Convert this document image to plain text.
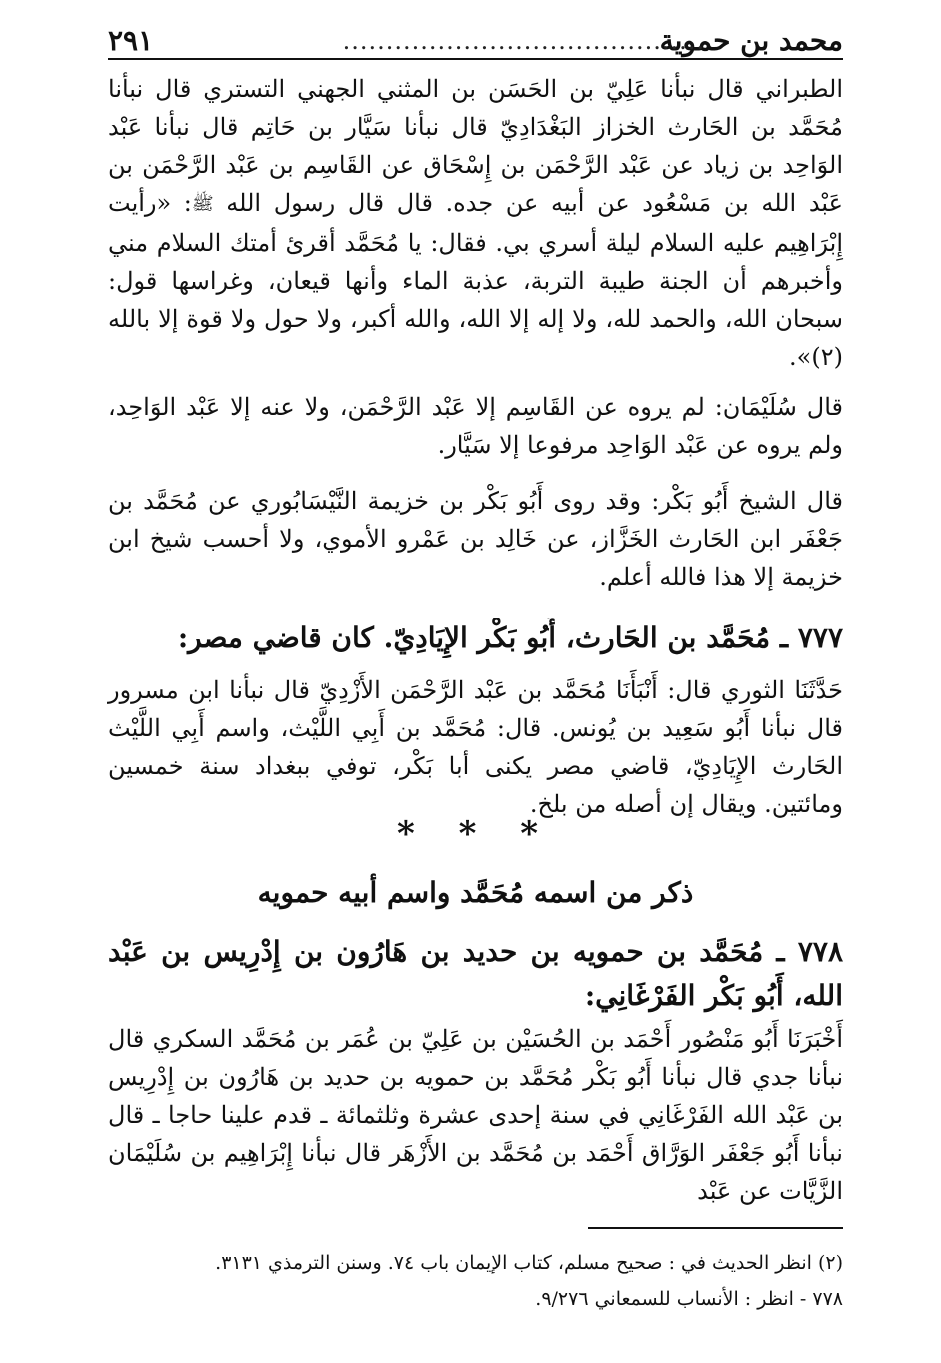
محمد بن حموية
..........................................
٢٩١

الطبراني قال نبأنا عَلِيّ بن الحَسَن بن المثني الجهني التستري قال نبأنا مُحَمَّد بن الحَارث الخزاز البَغْدَادِيّ قال نبأنا سَيَّار بن حَاتِم قال نبأنا عَبْد الوَاحِد بن زياد عن عَبْد الرَّحْمَن بن إِسْحَاق عن القَاسِم بن عَبْد الرَّحْمَن بن عَبْد الله بن مَسْعُود عن أبيه عن جده. قال قال رسول الله ﷺ: «رأيت إِبْرَاهِيم عليه السلام ليلة أسري بي. فقال: يا مُحَمَّد أقرئ أمتك السلام مني وأخبرهم أن الجنة طيبة التربة، عذبة الماء وأنها قيعان، وغراسها قول: سبحان الله، والحمد لله، ولا إله إلا الله، والله أكبر، ولا حول ولا قوة إلا بالله (٢)».

قال سُلَيْمَان: لم يروه عن القَاسِم إلا عَبْد الرَّحْمَن، ولا عنه إلا عَبْد الوَاحِد، ولم يروه عن عَبْد الوَاحِد مرفوعا إلا سَيَّار.

قال الشيخ أَبُو بَكْر: وقد روى أَبُو بَكْر بن خزيمة النَّيْسَابُوري عن مُحَمَّد بن جَعْفَر ابن الحَارث الخَزَّاز، عن خَالِد بن عَمْرو الأموي، ولا أحسب شيخ ابن خزيمة إلا هذا فالله أعلم.

٧٧٧ ـ مُحَمَّد بن الحَارث، أَبُو بَكْر الإِيَادِيّ. كان قاضي مصر:

حَدَّثَنَا الثوري قال: أَنْبَأَنَا مُحَمَّد بن عَبْد الرَّحْمَن الأَزْدِيّ قال نبأنا ابن مسرور قال نبأنا أَبُو سَعِيد بن يُونس. قال: مُحَمَّد بن أَبِي اللَّيْث، واسم أَبِي اللَّيْث الحَارث الإِيَادِيّ، قاضي مصر يكنى أبا بَكْر، توفي ببغداد سنة خمسين ومائتين. ويقال إن أصله من بلخ.

* * *
ذكر من اسمه مُحَمَّد واسم أبيه حمويه
٧٧٨ ـ مُحَمَّد بن حمويه بن حديد بن هَارُون بن إِدْرِيس بن عَبْد الله، أَبُو بَكْر الفَرْغَانِي:

أَخْبَرَنَا أَبُو مَنْصُور أَحْمَد بن الحُسَيْن بن عَلِيّ بن عُمَر بن مُحَمَّد السكري قال نبأنا جدي قال نبأنا أَبُو بَكْر مُحَمَّد بن حمويه بن حديد بن هَارُون بن إِدْرِيس بن عَبْد الله الفَرْغَانِي في سنة إحدى عشرة وثلثمائة ـ قدم علينا حاجا ـ قال نبأنا أَبُو جَعْفَر الوَرَّاق أَحْمَد بن مُحَمَّد بن الأَزْهَر قال نبأنا إِبْرَاهِيم بن سُلَيْمَان الزَّيَّات عن عَبْد

(٢) انظر الحديث في : صحيح مسلم، كتاب الإيمان باب ٧٤. وسنن الترمذي ٣١٣١.
٧٧٨ - انظر : الأنساب للسمعاني ٩/٢٧٦.
